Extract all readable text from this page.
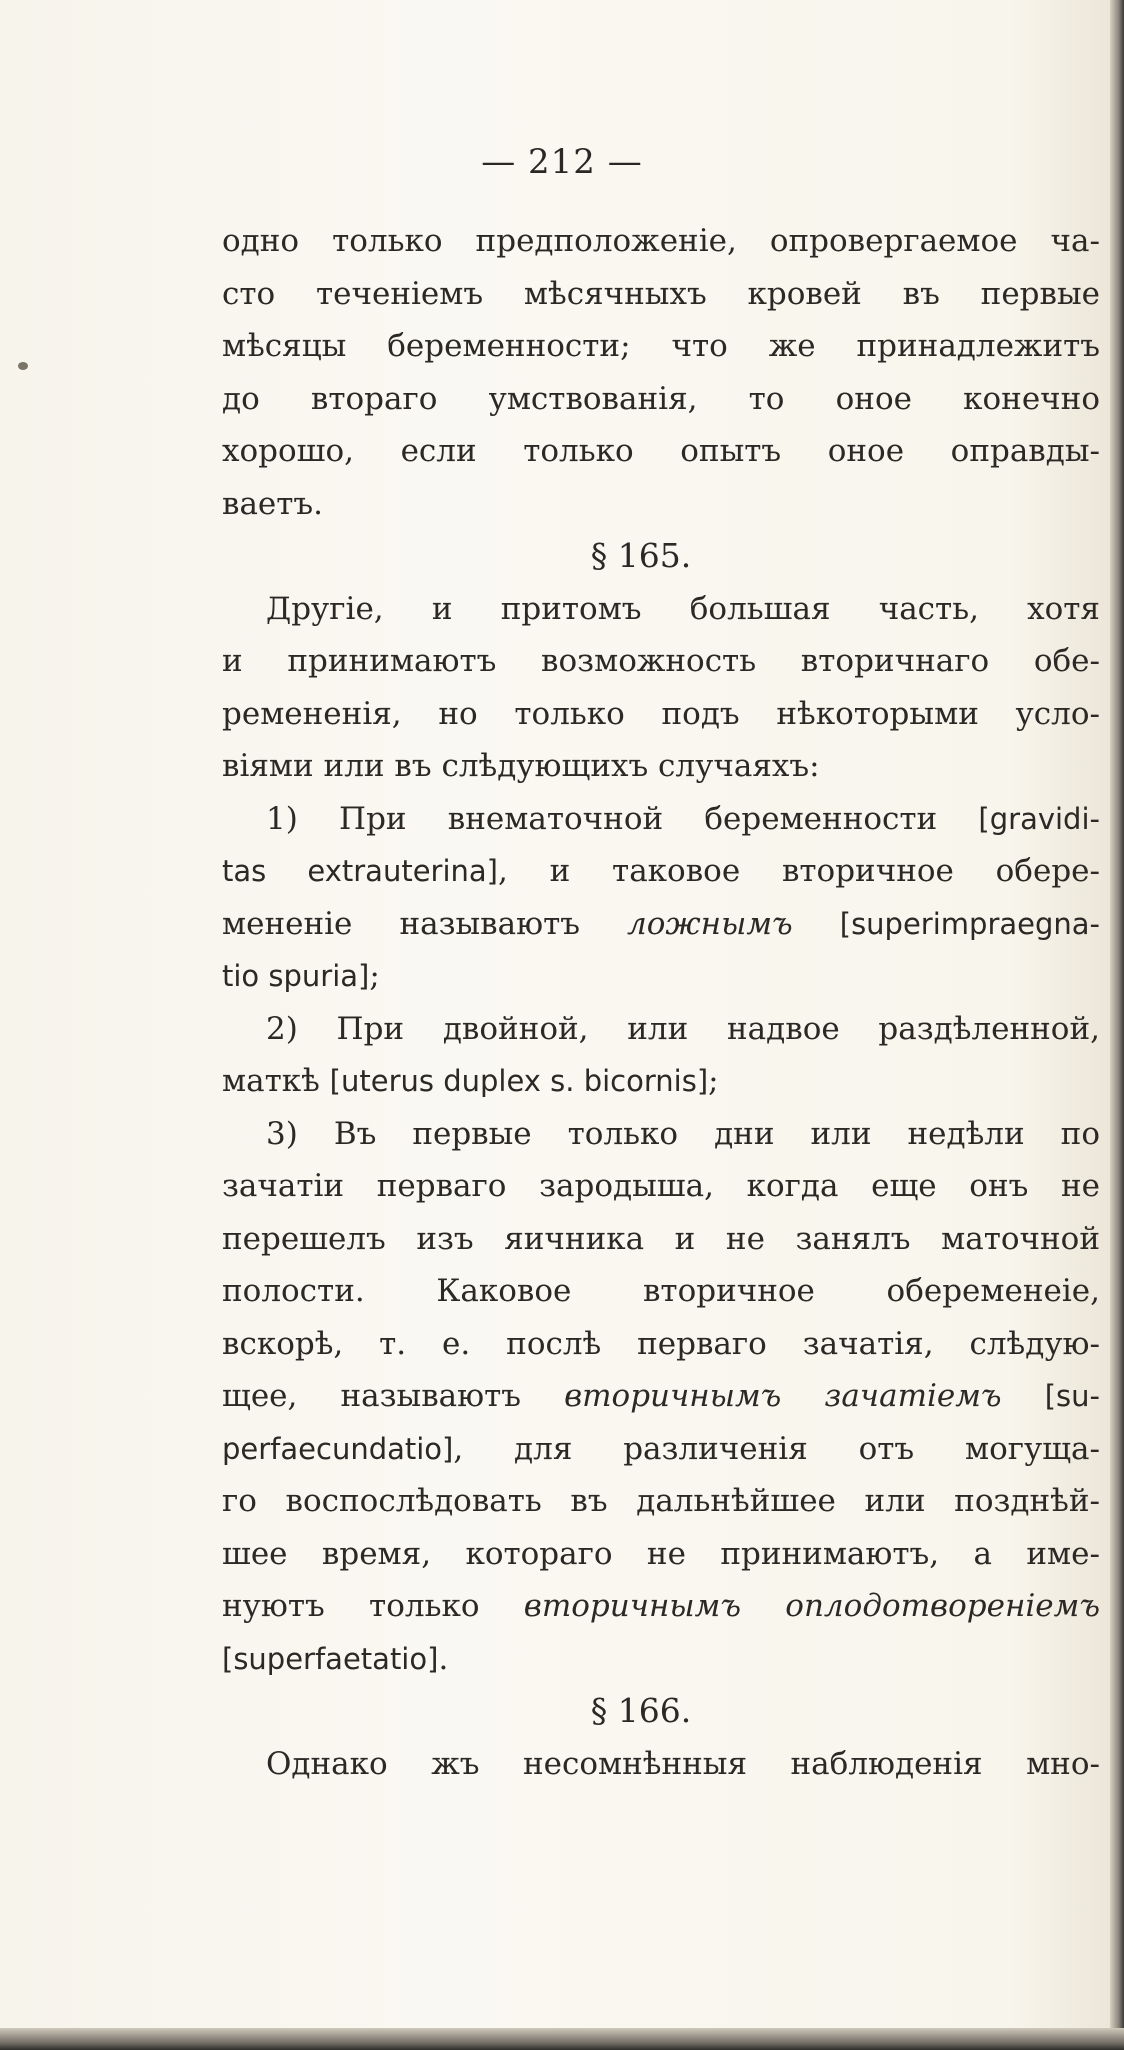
— 212 —
одно только предположеніе, опровергаемое ча-
сто теченіемъ мѣсячныхъ кровей въ первые
мѣсяцы беременности; что же принадлежитъ
до втораго умствованія, то оное конечно
хорошо, если только опытъ оное оправды-
ваетъ.
§ 165.
Другіе, и притомъ большая часть, хотя
и принимаютъ возможность вторичнаго обе-
ремененія, но только подъ нѣкоторыми усло-
віями или въ слѣдующихъ случаяхъ:
1) При внематочной беременности [gravidi-
tas extrauterina], и таковое вторичное обере-
мененіе называютъ ложнымъ [superimpraegna-
tio spuria];
2) При двойной, или надвое раздѣленной,
маткѣ [uterus duplex s. bicornis];
3) Въ первые только дни или недѣли по
зачатіи перваго зародыша, когда еще онъ не
перешелъ изъ яичника и не занялъ маточной
полости. Каковое вторичное обеременеіе,
вскорѣ, т. е. послѣ перваго зачатія, слѣдую-
щее, называютъ вторичнымъ зачатіемъ [su-
perfaecundatio], для различенія отъ могуща-
го воспослѣдовать въ дальнѣйшее или позднѣй-
шее время, котораго не принимаютъ, а име-
нуютъ только вторичнымъ оплодотвореніемъ
[superfaetatio].
§ 166.
Однако жъ несомнѣнныя наблюденія мно-
